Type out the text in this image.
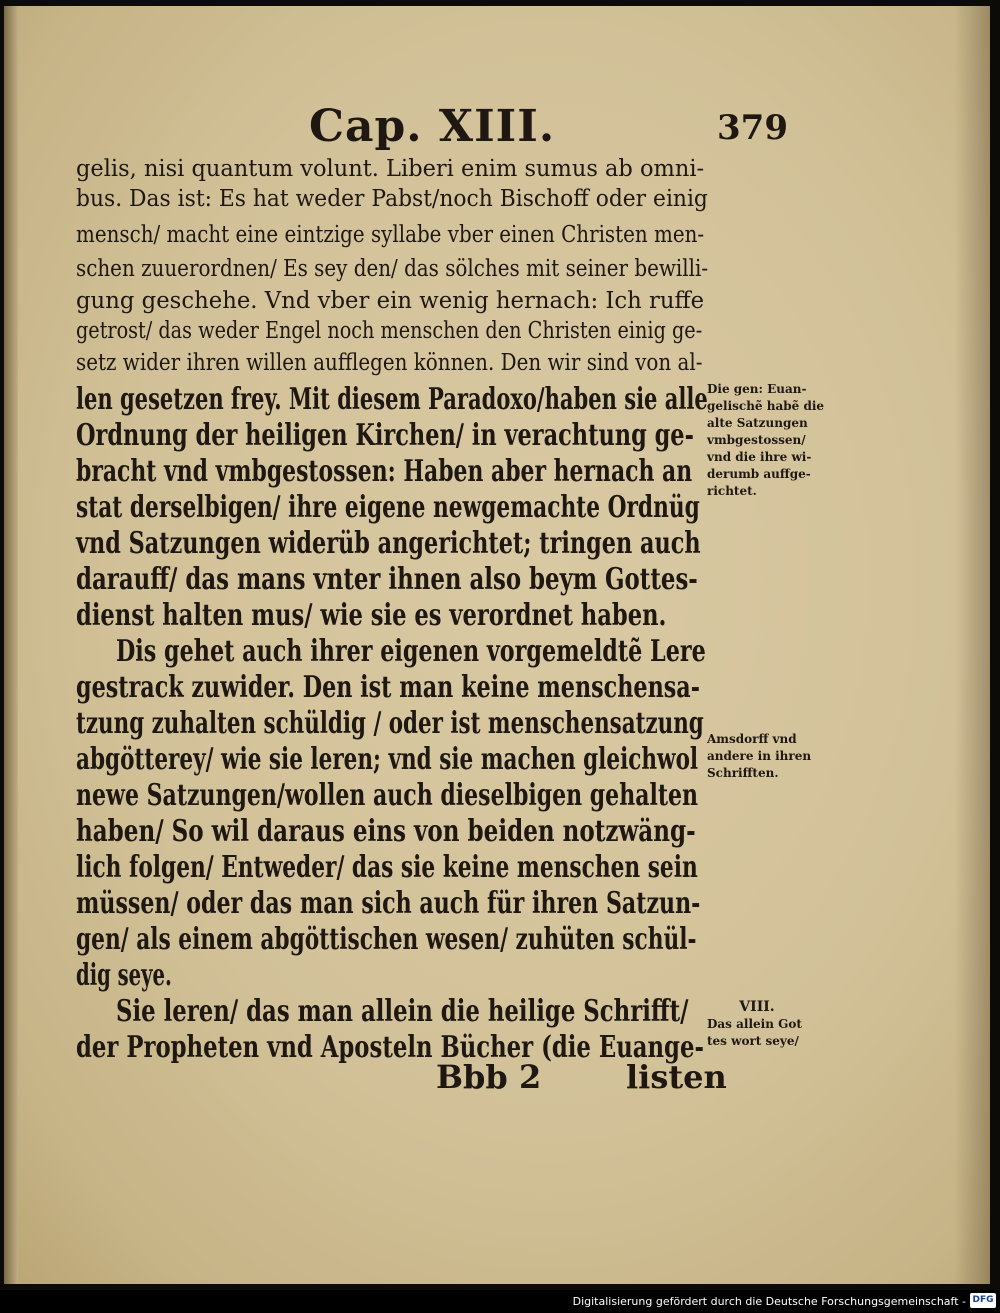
Cap. XIII.	379
gelis, nisi quantum volunt. Liberi enim sumus ab omni-
bus. Das ist: Es hat weder Pabst/noch Bischoff oder einig
mensch/ macht eine eintzige syllabe vber einen Christen men-
schen zuuerordnen/ Es sey den/ das sölches mit seiner bewilli-
gung geschehe. Vnd vber ein wenig hernach: Ich ruffe
getrost/ das weder Engel noch menschen den Christen einig ge-
setz wider ihren willen aufflegen können. Den wir sind von al-
len gesetzen frey. Mit diesem Paradoxo/haben sie alle
Ordnung der heiligen Kirchen/ in verachtung ge-
bracht vnd vmbgestossen: Haben aber hernach an
stat derselbigen/ ihre eigene newgemachte Ordnüg
vnd Satzungen widerüb angerichtet; tringen auch
darauff/ das mans vnter ihnen also beym Gottes-
dienst halten mus/ wie sie es verordnet haben.
Dis gehet auch ihrer eigenen vorgemeldtẽ Lere
gestrack zuwider. Den ist man keine menschensa-
tzung zuhalten schüldig / oder ist menschensatzung
abgötterey/ wie sie leren; vnd sie machen gleichwol
newe Satzungen/wollen auch dieselbigen gehalten
haben/ So wil daraus eins von beiden notzwäng-
lich folgen/ Entweder/ das sie keine menschen sein
müssen/ oder das man sich auch für ihren Satzun-
gen/ als einem abgöttischen wesen/ zuhüten schül-
dig seye.
Sie leren/ das man allein die heilige Schrifft/
der Propheten vnd Aposteln Bücher (die Euange-
Die gen: Euan-
gelischẽ habẽ die
alte Satzungen
vmbgestossen/
vnd die ihre wi-
derumb auffge-
richtet.
Amsdorff vnd
andere in ihren
Schrifften.
VIII.
Das allein Got
tes wort seye/
Bbb 2	listen
Digitalisierung gefördert durch die Deutsche Forschungsgemeinschaft - DFG
